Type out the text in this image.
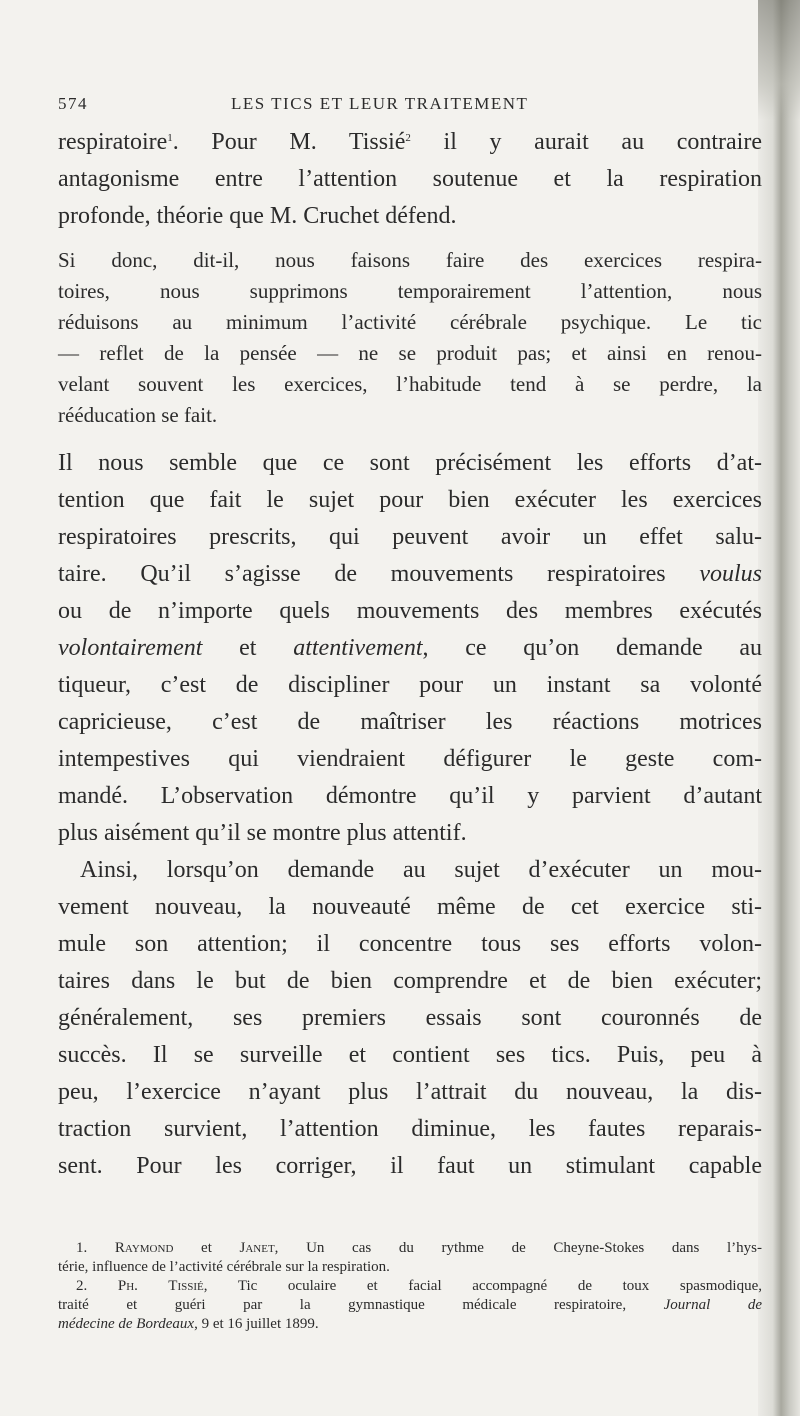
574	LES TICS ET LEUR TRAITEMENT
respiratoire$^1$. Pour M. Tissié$^2$ il y aurait au contraire
antagonisme entre l’attention soutenue et la respiration
profonde, théorie que M. Cruchet défend.
Si donc, dit-il, nous faisons faire des exercices respira-
toires, nous supprimons temporairement l’attention, nous
réduisons au minimum l’activité cérébrale psychique. Le tic
— reflet de la pensée — ne se produit pas; et ainsi en renou-
velant souvent les exercices, l’habitude tend à se perdre, la
rééducation se fait.
Il nous semble que ce sont précisément les efforts d’at-
tention que fait le sujet pour bien exécuter les exercices
respiratoires prescrits, qui peuvent avoir un effet salu-
taire. Qu’il s’agisse de mouvements respiratoires voulus
ou de n’importe quels mouvements des membres exécutés
volontairement et attentivement, ce qu’on demande au
tiqueur, c’est de discipliner pour un instant sa volonté
capricieuse, c’est de maîtriser les réactions motrices
intempestives qui viendraient défigurer le geste com-
mandé. L’observation démontre qu’il y parvient d’autant
plus aisément qu’il se montre plus attentif.
Ainsi, lorsqu’on demande au sujet d’exécuter un mou-
vement nouveau, la nouveauté même de cet exercice sti-
mule son attention; il concentre tous ses efforts volon-
taires dans le but de bien comprendre et de bien exécuter;
généralement, ses premiers essais sont couronnés de
succès. Il se surveille et contient ses tics. Puis, peu à
peu, l’exercice n’ayant plus l’attrait du nouveau, la dis-
traction survient, l’attention diminue, les fautes reparais-
sent. Pour les corriger, il faut un stimulant capable
1. Raymond et Janet, Un cas du rythme de Cheyne-Stokes dans l’hys-
térie, influence de l’activité cérébrale sur la respiration.
2. Ph. Tissié, Tic oculaire et facial accompagné de toux spasmodique,
traité et guéri par la gymnastique médicale respiratoire, Journal de
médecine de Bordeaux, 9 et 16 juillet 1899.
